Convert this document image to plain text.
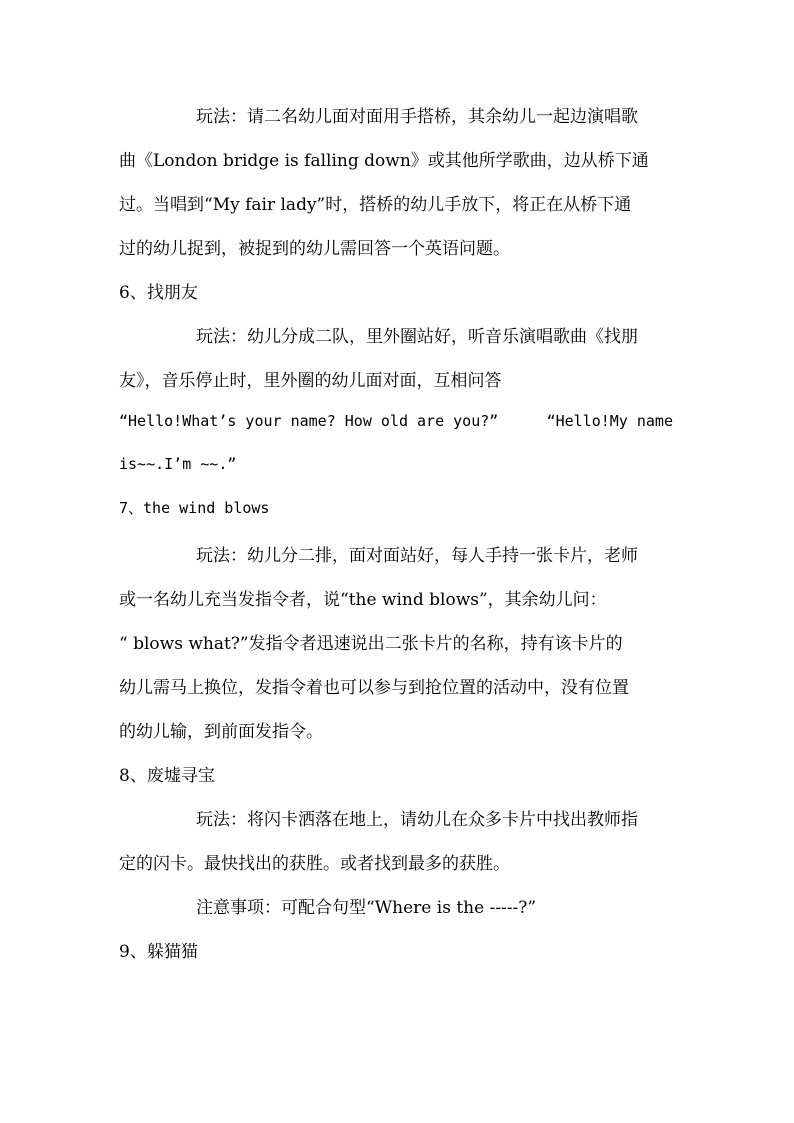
玩法：请二名幼儿面对面用手搭桥，其余幼儿一起边演唱歌
曲《London bridge is falling down》或其他所学歌曲，边从桥下通
过。当唱到“My fair lady”时，搭桥的幼儿手放下，将正在从桥下通
过的幼儿捉到，被捉到的幼儿需回答一个英语问题。
6、找朋友
玩法：幼儿分成二队，里外圈站好，听音乐演唱歌曲《找朋
友》，音乐停止时，里外圈的幼儿面对面，互相问答
“Hello!What’s your name? How old are you?”	“Hello!My name
is~~.I’m ~~.”
7、the wind blows
玩法：幼儿分二排，面对面站好，每人手持一张卡片，老师
或一名幼儿充当发指令者，说“the wind blows”，其余幼儿问：
“ blows what?”发指令者迅速说出二张卡片的名称，持有该卡片的
幼儿需马上换位，发指令着也可以参与到抢位置的活动中，没有位置
的幼儿输，到前面发指令。
8、废墟寻宝
玩法：将闪卡洒落在地上，请幼儿在众多卡片中找出教师指
定的闪卡。最快找出的获胜。或者找到最多的获胜。
注意事项：可配合句型“Where is the -----?”
9、躲猫猫
